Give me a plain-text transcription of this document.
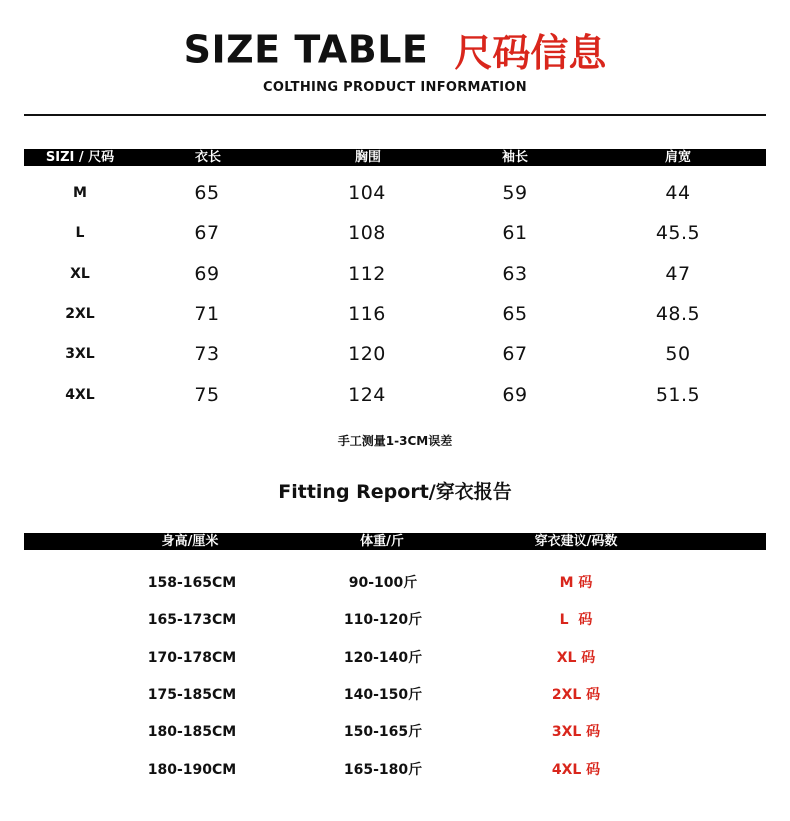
SIZE TABLE 尺码信息
COLTHING PRODUCT INFORMATION
SIZI / 尺码	衣长	胸围	袖长	肩宽
M	65	104	59	44
L	67	108	61	45.5
XL	69	112	63	47
2XL	71	116	65	48.5
3XL	73	120	67	50
4XL	75	124	69	51.5
手工测量1-3CM误差
Fitting Report/穿衣报告
身高/厘米	体重/斤	穿衣建议/码数
158-165CM	90-100斤	M 码
165-173CM	110-120斤	L  码
170-178CM	120-140斤	XL 码
175-185CM	140-150斤	2XL 码
180-185CM	150-165斤	3XL 码
180-190CM	165-180斤	4XL 码
